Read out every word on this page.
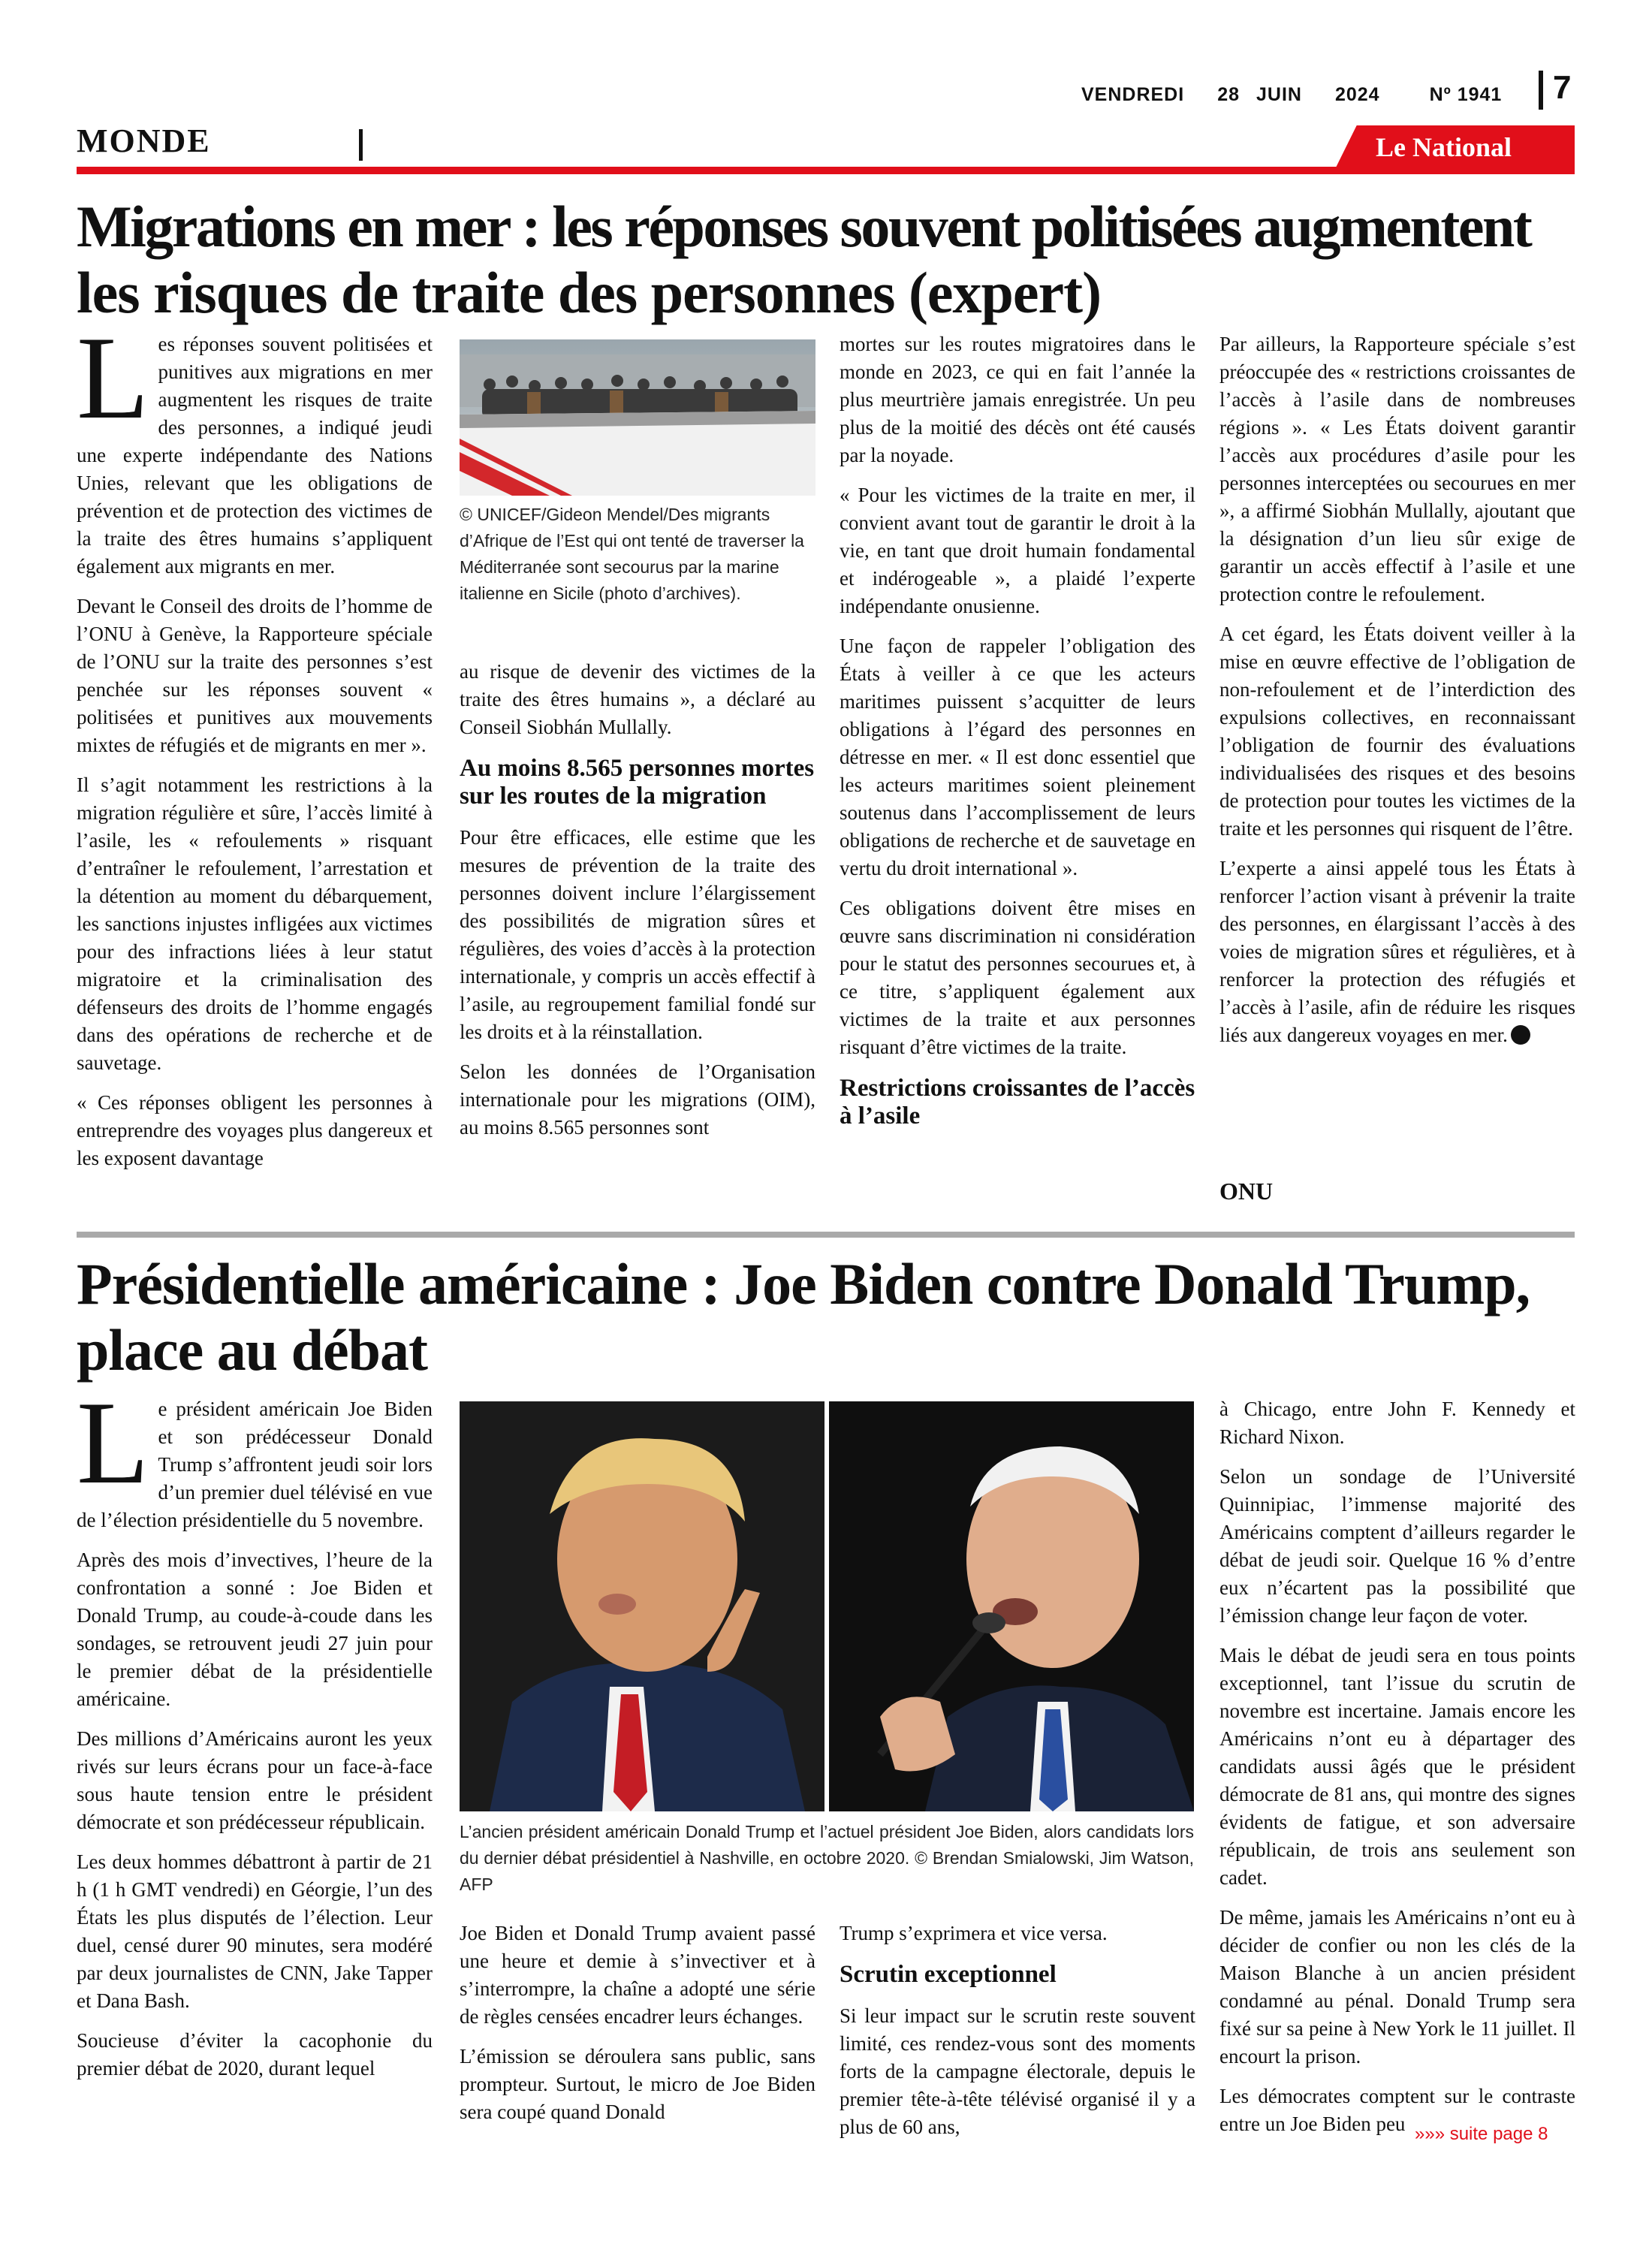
VENDREDI 28 JUIN 2024	Nº 1941	7
MONDE	Le National
Migrations en mer : les réponses souvent politisées augmentent
les risques de traite des personnes (expert)

Les réponses souvent politisées et punitives aux migrations en mer augmentent les risques de traite des personnes, a indiqué jeudi une experte indépendante des Nations Unies, relevant que les obligations de prévention et de protection des victimes de la traite des êtres humains s’appliquent également aux migrants en mer.

Devant le Conseil des droits de l’homme de l’ONU à Genève, la Rapporteure spéciale de l’ONU sur la traite des personnes s’est penchée sur les réponses souvent « politisées et punitives aux mouvements mixtes de réfugiés et de migrants en mer ».

Il s’agit notamment les restrictions à la migration régulière et sûre, l’accès limité à l’asile, les « refoulements » risquant d’entraîner le refoulement, l’arrestation et la détention au moment du débarquement, les sanctions injustes infligées aux victimes pour des infractions liées à leur statut migratoire et la criminalisation des défenseurs des droits de l’homme engagés dans des opérations de recherche et de sauvetage.

« Ces réponses obligent les personnes à entreprendre des voyages plus dangereux et les exposent davantage

© UNICEF/Gideon Mendel/Des migrants d’Afrique de l’Est qui ont tenté de traverser la Méditerranée sont secourus par la marine italienne en Sicile (photo d’archives).

au risque de devenir des victimes de la traite des êtres humains », a déclaré au Conseil Siobhán Mullally.

Au moins 8.565 personnes mortes sur les routes de la migration

Pour être efficaces, elle estime que les mesures de prévention de la traite des personnes doivent inclure l’élargissement des possibilités de migration sûres et régulières, des voies d’accès à la protection internationale, y compris un accès effectif à l’asile, au regroupement familial fondé sur les droits et à la réinstallation.

Selon les données de l’Organisation internationale pour les migrations (OIM), au moins 8.565 personnes sont

mortes sur les routes migratoires dans le monde en 2023, ce qui en fait l’année la plus meurtrière jamais enregistrée. Un peu plus de la moitié des décès ont été causés par la noyade.

« Pour les victimes de la traite en mer, il convient avant tout de garantir le droit à la vie, en tant que droit humain fondamental et indérogeable », a plaidé l’experte indépendante onusienne.

Une façon de rappeler l’obligation des États à veiller à ce que les acteurs maritimes puissent s’acquitter de leurs obligations à l’égard des personnes en détresse en mer. « Il est donc essentiel que les acteurs maritimes soient pleinement soutenus dans l’accomplissement de leurs obligations de recherche et de sauvetage en vertu du droit international ».

Ces obligations doivent être mises en œuvre sans discrimination ni considération pour le statut des personnes secourues et, à ce titre, s’appliquent également aux victimes de la traite et aux personnes risquant d’être victimes de la traite.

Restrictions croissantes de l’accès à l’asile

Par ailleurs, la Rapporteure spéciale s’est préoccupée des « restrictions croissantes de l’accès à l’asile dans de nombreuses régions ». « Les États doivent garantir l’accès aux procédures d’asile pour les personnes interceptées ou secourues en mer », a affirmé Siobhán Mullally, ajoutant que la désignation d’un lieu sûr exige de garantir un accès effectif à l’asile et une protection contre le refoulement.

A cet égard, les États doivent veiller à la mise en œuvre effective de l’obligation de non-refoulement et de l’interdiction des expulsions collectives, en reconnaissant l’obligation de fournir des évaluations individualisées des risques et des besoins de protection pour toutes les victimes de la traite et les personnes qui risquent de l’être.

L’experte a ainsi appelé tous les États à renforcer l’action visant à prévenir la traite des personnes, en élargissant l’accès à des voies de migration sûres et régulières, et à renforcer la protection des réfugiés et l’accès à l’asile, afin de réduire les risques liés aux dangereux voyages en mer.

ONU
Présidentielle américaine : Joe Biden contre Donald Trump,
place au débat

Le président américain Joe Biden et son prédécesseur Donald Trump s’affrontent jeudi soir lors d’un premier duel télévisé en vue de l’élection présidentielle du 5 novembre.

Après des mois d’invectives, l’heure de la confrontation a sonné : Joe Biden et Donald Trump, au coude-à-coude dans les sondages, se retrouvent jeudi 27 juin pour le premier débat de la présidentielle américaine.

Des millions d’Américains auront les yeux rivés sur leurs écrans pour un face-à-face sous haute tension entre le président démocrate et son prédécesseur républicain.

Les deux hommes débattront à partir de 21 h (1 h GMT vendredi) en Géorgie, l’un des États les plus disputés de l’élection. Leur duel, censé durer 90 minutes, sera modéré par deux journalistes de CNN, Jake Tapper et Dana Bash.

Soucieuse d’éviter la cacophonie du premier débat de 2020, durant lequel

L’ancien président américain Donald Trump et l’actuel président Joe Biden, alors candidats lors du dernier débat présidentiel à Nashville, en octobre 2020. © Brendan Smialowski, Jim Watson, AFP

Joe Biden et Donald Trump avaient passé une heure et demie à s’invectiver et à s’interrompre, la chaîne a adopté une série de règles censées encadrer leurs échanges.

L’émission se déroulera sans public, sans prompteur. Surtout, le micro de Joe Biden sera coupé quand Donald

Trump s’exprimera et vice versa.

Scrutin exceptionnel

Si leur impact sur le scrutin reste souvent limité, ces rendez-vous sont des moments forts de la campagne électorale, depuis le premier tête-à-tête télévisé organisé il y a plus de 60 ans,

à Chicago, entre John F. Kennedy et Richard Nixon.

Selon un sondage de l’Université Quinnipiac, l’immense majorité des Américains comptent d’ailleurs regarder le débat de jeudi soir. Quelque 16 % d’entre eux n’écartent pas la possibilité que l’émission change leur façon de voter.

Mais le débat de jeudi sera en tous points exceptionnel, tant l’issue du scrutin de novembre est incertaine. Jamais encore les Américains n’ont eu à départager des candidats aussi âgés que le président démocrate de 81 ans, qui montre des signes évidents de fatigue, et son adversaire républicain, de trois ans seulement son cadet.

De même, jamais les Américains n’ont eu à décider de confier ou non les clés de la Maison Blanche à un ancien président condamné au pénal. Donald Trump sera fixé sur sa peine à New York le 11 juillet. Il encourt la prison.

Les démocrates comptent sur le contraste entre un Joe Biden peu »»» suite page 8
